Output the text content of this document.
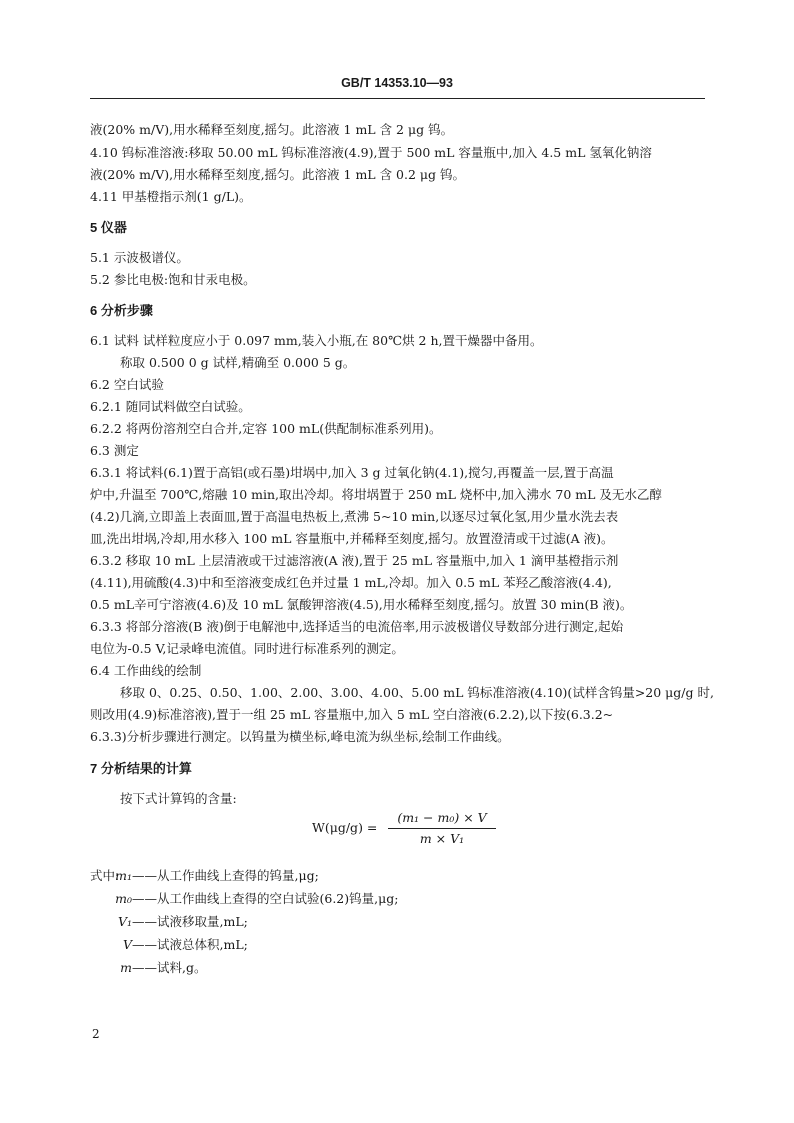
GB/T 14353.10—93
液(20% m/V),用水稀释至刻度,摇匀。此溶液 1 mL 含 2 μg 钨。
4.10 钨标准溶液:移取 50.00 mL 钨标准溶液(4.9),置于 500 mL 容量瓶中,加入 4.5 mL 氢氧化钠溶
液(20% m/V),用水稀释至刻度,摇匀。此溶液 1 mL 含 0.2 μg 钨。
4.11 甲基橙指示剂(1 g/L)。
5 仪器
5.1 示波极谱仪。
5.2 参比电极:饱和甘汞电极。
6 分析步骤
6.1 试料 试样粒度应小于 0.097 mm,装入小瓶,在 80℃烘 2 h,置干燥器中备用。
称取 0.500 0 g 试样,精确至 0.000 5 g。
6.2 空白试验
6.2.1 随同试料做空白试验。
6.2.2 将两份溶剂空白合并,定容 100 mL(供配制标准系列用)。
6.3 测定
6.3.1 将试料(6.1)置于高铝(或石墨)坩埚中,加入 3 g 过氧化钠(4.1),搅匀,再覆盖一层,置于高温
炉中,升温至 700℃,熔融 10 min,取出冷却。将坩埚置于 250 mL 烧杯中,加入沸水 70 mL 及无水乙醇
(4.2)几滴,立即盖上表面皿,置于高温电热板上,煮沸 5~10 min,以逐尽过氧化氢,用少量水洗去表
皿,洗出坩埚,冷却,用水移入 100 mL 容量瓶中,并稀释至刻度,摇匀。放置澄清或干过滤(A 液)。
6.3.2 移取 10 mL 上层清液或干过滤溶液(A 液),置于 25 mL 容量瓶中,加入 1 滴甲基橙指示剂
(4.11),用硫酸(4.3)中和至溶液变成红色并过量 1 mL,冷却。加入 0.5 mL 苯羟乙酸溶液(4.4),
0.5 mL辛可宁溶液(4.6)及 10 mL 氯酸钾溶液(4.5),用水稀释至刻度,摇匀。放置 30 min(B 液)。
6.3.3 将部分溶液(B 液)倒于电解池中,选择适当的电流倍率,用示波极谱仪导数部分进行测定,起始
电位为-0.5 V,记录峰电流值。同时进行标准系列的测定。
6.4 工作曲线的绘制
移取 0、0.25、0.50、1.00、2.00、3.00、4.00、5.00 mL 钨标准溶液(4.10)(试样含钨量>20 μg/g 时,
则改用(4.9)标准溶液),置于一组 25 mL 容量瓶中,加入 5 mL 空白溶液(6.2.2),以下按(6.3.2~
6.3.3)分析步骤进行测定。以钨量为横坐标,峰电流为纵坐标,绘制工作曲线。
7 分析结果的计算
按下式计算钨的含量:
W(μg/g) =
(m₁ − m₀) × V
m × V₁
式中:
m₁——从工作曲线上查得的钨量,μg;
m₀——从工作曲线上查得的空白试验(6.2)钨量,μg;
V₁——试液移取量,mL;
V——试液总体积,mL;
m——试料,g。
2
